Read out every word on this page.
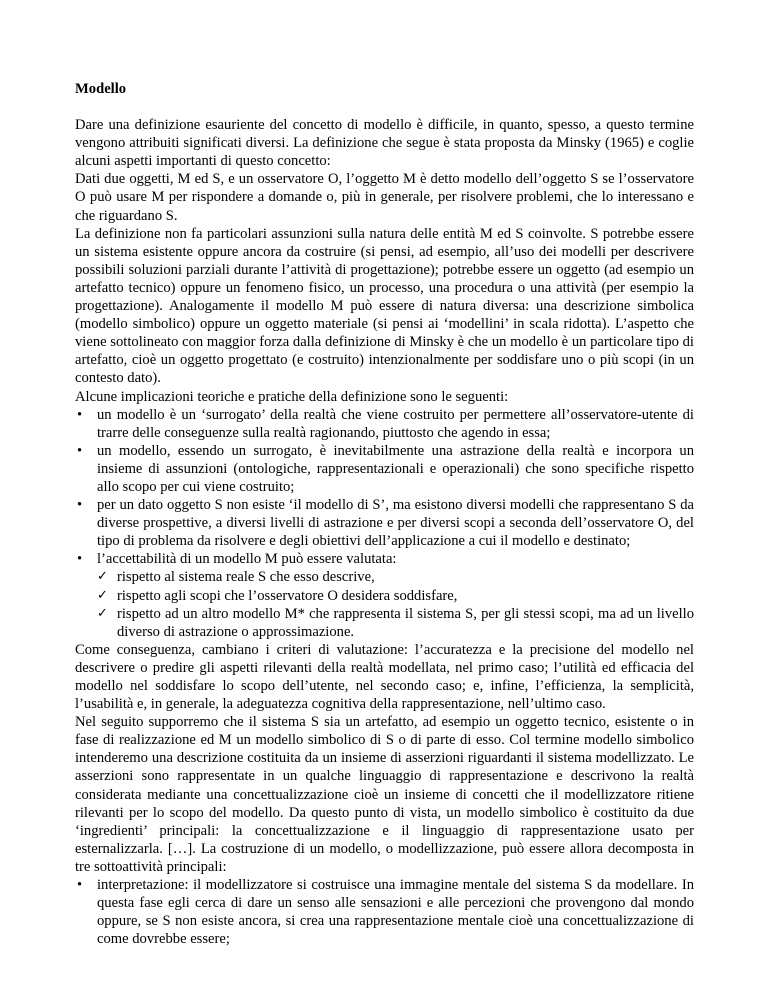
Modello

Dare una definizione esauriente del concetto di modello è difficile, in quanto, spesso, a questo termine vengono attribuiti significati diversi. La definizione che segue è stata proposta da Minsky (1965) e coglie alcuni aspetti importanti di questo concetto:

Dati due oggetti, M ed S, e un osservatore O, l’oggetto M è detto modello dell’oggetto S se l’osservatore O può usare M per rispondere a domande o, più in generale, per risolvere problemi, che lo interessano e che riguardano S.

La definizione non fa particolari assunzioni sulla natura delle entità M ed S coinvolte. S potrebbe essere un sistema esistente oppure ancora da costruire (si pensi, ad esempio, all’uso dei modelli per descrivere possibili soluzioni parziali durante l’attività di progettazione); potrebbe essere un oggetto (ad esempio un artefatto tecnico) oppure un fenomeno fisico, un processo, una procedura o una attività (per esempio la progettazione). Analogamente il modello M può essere di natura diversa: una descrizione simbolica (modello simbolico) oppure un oggetto materiale (si pensi ai ‘modellini’ in scala ridotta). L’aspetto che viene sottolineato con maggior forza dalla definizione di Minsky è che un modello è un particolare tipo di artefatto, cioè un oggetto progettato (e costruito) intenzionalmente per soddisfare uno o più scopi (in un contesto dato).

Alcune implicazioni teoriche e pratiche della definizione sono le seguenti:

•	un modello è un ‘surrogato’ della realtà che viene costruito per permettere all’osservatore-utente di trarre delle conseguenze sulla realtà ragionando, piuttosto che agendo in essa;
•	un modello, essendo un surrogato, è inevitabilmente una astrazione della realtà e incorpora un insieme di assunzioni (ontologiche, rappresentazionali e operazionali) che sono specifiche rispetto allo scopo per cui viene costruito;
•	per un dato oggetto S non esiste ‘il modello di S’, ma esistono diversi modelli che rappresentano S da diverse prospettive, a diversi livelli di astrazione e per diversi scopi a seconda dell’osservatore O, del tipo di problema da risolvere e degli obiettivi dell’applicazione a cui il modello e destinato;
•	l’accettabilità di un modello M può essere valutata:
✓ rispetto al sistema reale S che esso descrive,
✓ rispetto agli scopi che l’osservatore O desidera soddisfare,
✓ rispetto ad un altro modello M* che rappresenta il sistema S, per gli stessi scopi, ma ad un livello diverso di astrazione o approssimazione.

Come conseguenza, cambiano i criteri di valutazione: l’accuratezza e la precisione del modello nel descrivere o predire gli aspetti rilevanti della realtà modellata, nel primo caso; l’utilità ed efficacia del modello nel soddisfare lo scopo dell’utente, nel secondo caso; e, infine, l’efficienza, la semplicità, l’usabilità e, in generale, la adeguatezza cognitiva della rappresentazione, nell’ultimo caso.

Nel seguito supporremo che il sistema S sia un artefatto, ad esempio un oggetto tecnico, esistente o in fase di realizzazione ed M un modello simbolico di S o di parte di esso. Col termine modello simbolico intenderemo una descrizione costituita da un insieme di asserzioni riguardanti il sistema modellizzato. Le asserzioni sono rappresentate in un qualche linguaggio di rappresentazione e descrivono la realtà considerata mediante una concettualizzazione cioè un insieme di concetti che il modellizzatore ritiene rilevanti per lo scopo del modello. Da questo punto di vista, un modello simbolico è costituito da due ‘ingredienti’ principali: la concettualizzazione e il linguaggio di rappresentazione usato per esternalizzarla. […]. La costruzione di un modello, o modellizzazione, può essere allora decomposta in tre sottoattività principali:

•	interpretazione: il modellizzatore si costruisce una immagine mentale del sistema S da modellare. In questa fase egli cerca di dare un senso alle sensazioni e alle percezioni che provengono dal mondo oppure, se S non esiste ancora, si crea una rappresentazione mentale cioè una concettualizzazione di come dovrebbe essere;
